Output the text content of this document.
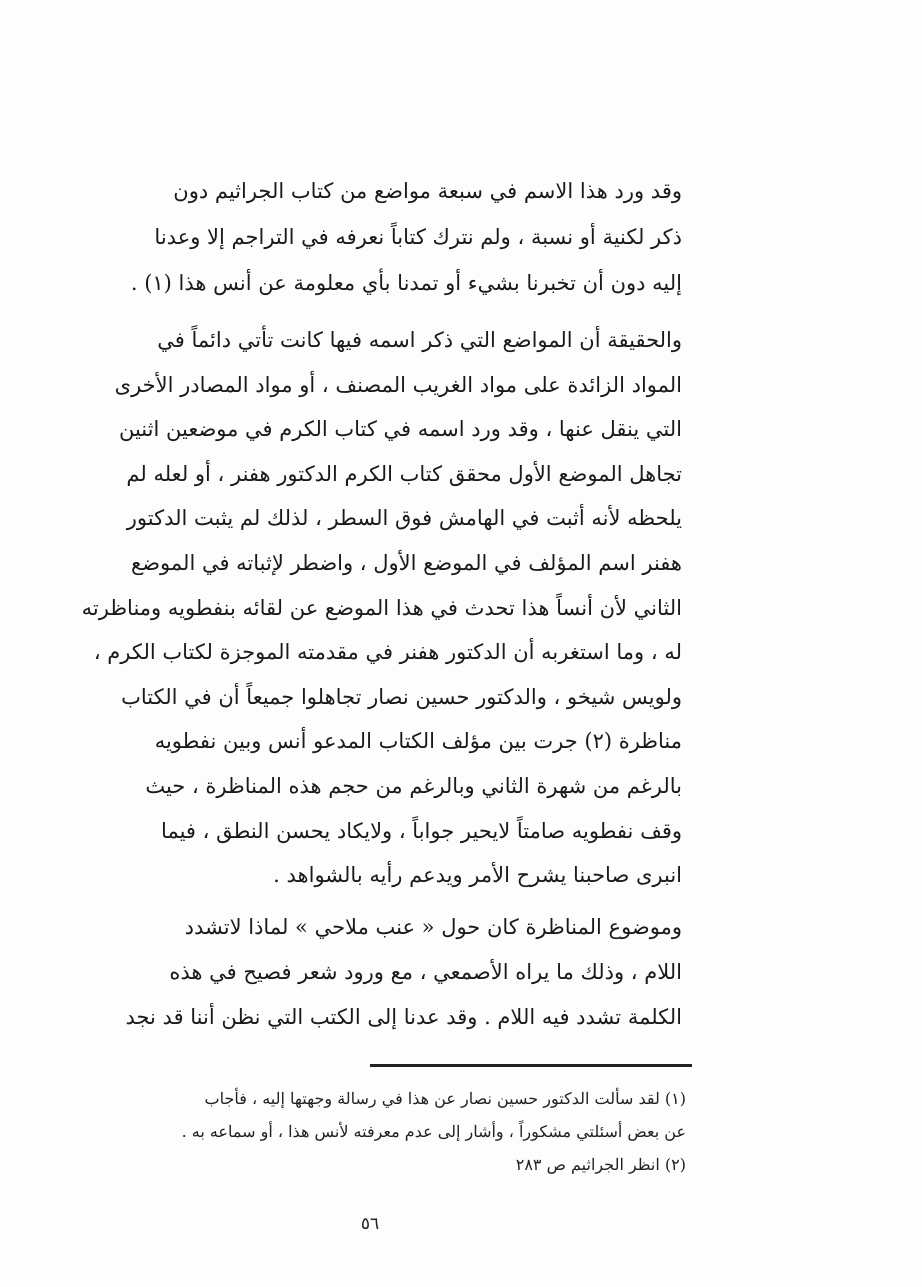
وقد ورد هذا الاسم في سبعة مواضع من كتاب الجراثيم دون
ذكر لكنية أو نسبة ، ولم نترك كتاباً نعرفه في التراجم إلا وعدنا
إليه دون أن تخبرنا بشيء أو تمدنا بأي معلومة عن أنس هذا (١) .
والحقيقة أن المواضع التي ذكر اسمه فيها كانت تأتي دائماً في
المواد الزائدة على مواد الغريب المصنف ، أو مواد المصادر الأخرى
التي ينقل عنها ، وقد ورد اسمه في كتاب الكرم في موضعين اثنين
تجاهل الموضع الأول محقق كتاب الكرم الدكتور هفنر ، أو لعله لم
يلحظه لأنه أثبت في الهامش فوق السطر ، لذلك لم يثبت الدكتور
هفنر اسم المؤلف في الموضع الأول ، واضطر لإثباته في الموضع
الثاني لأن أنساً هذا تحدث في هذا الموضع عن لقائه بنفطويه ومناظرته
له ، وما استغربه أن الدكتور هفنر في مقدمته الموجزة لكتاب الكرم ،
ولويس شيخو ، والدكتور حسين نصار تجاهلوا جميعاً أن في الكتاب
مناظرة (٢) جرت بين مؤلف الكتاب المدعو أنس وبين نفطويه
بالرغم من شهرة الثاني وبالرغم من حجم هذه المناظرة ، حيث
وقف نفطويه صامتاً لايحير جواباً ، ولايكاد يحسن النطق ، فيما
انبرى صاحبنا يشرح الأمر ويدعم رأيه بالشواهد .
وموضوع المناظرة كان حول « عنب ملاحي » لماذا لاتشدد
اللام ، وذلك ما يراه الأصمعي ، مع ورود شعر فصيح في هذه
الكلمة تشدد فيه اللام . وقد عدنا إلى الكتب التي نظن أننا قد نجد
(١) لقد سألت الدكتور حسين نصار عن هذا في رسالة وجهتها إليه ، فأجاب
عن بعض أسئلتي مشكوراً ، وأشار إلى عدم معرفته لأنس هذا ، أو سماعه به .
(٢) انظر الجراثيم ص ٢٨٣
٥٦
